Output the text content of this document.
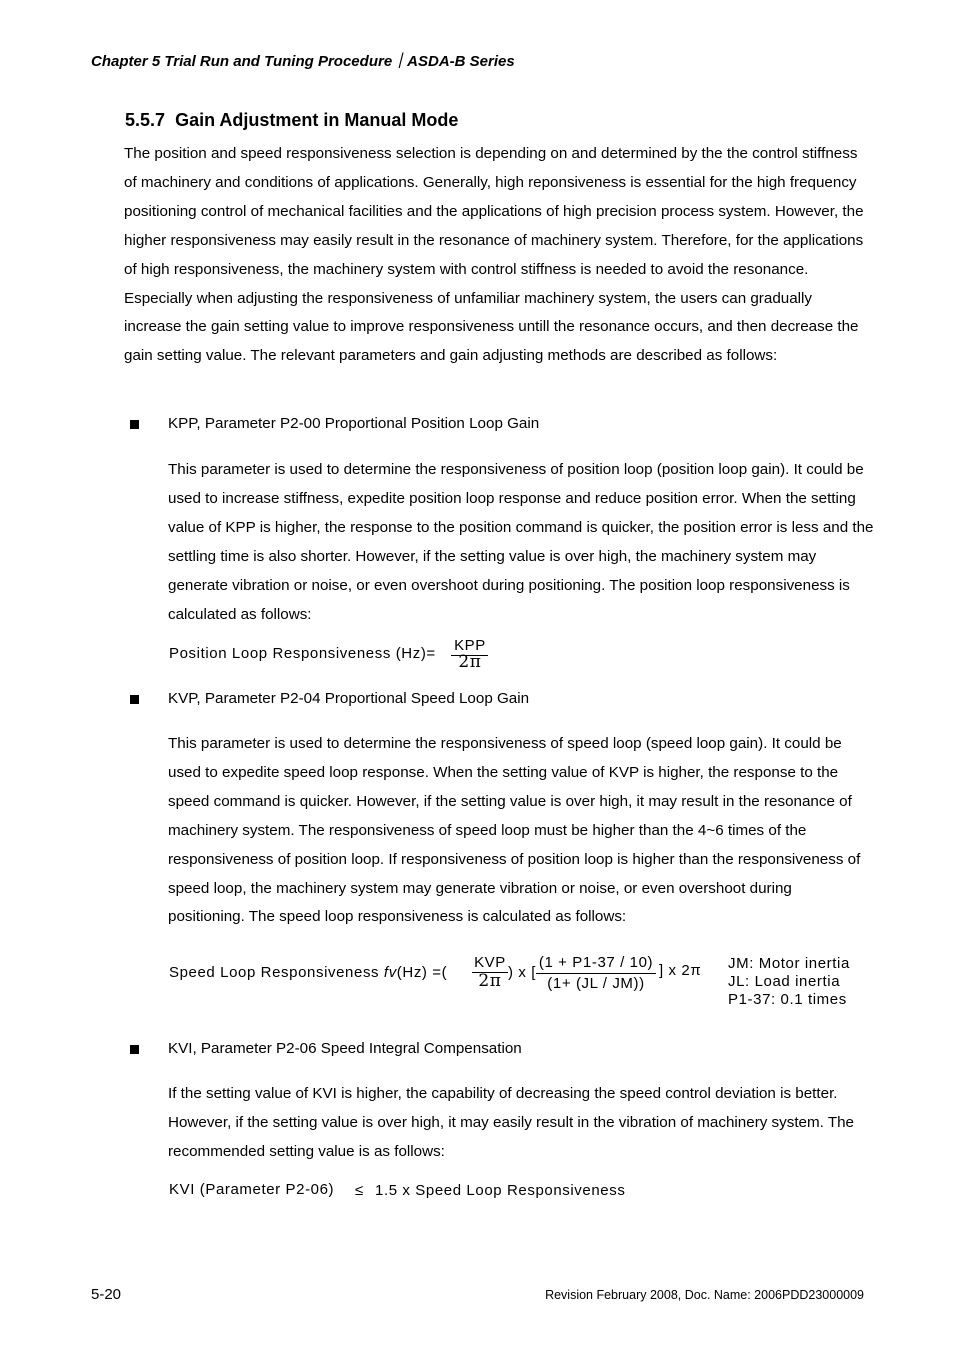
Chapter 5 Trial Run and Tuning Procedure｜ASDA-B Series
5.5.7 Gain Adjustment in Manual Mode

The position and speed responsiveness selection is depending on and determined by the the control stiffness of machinery and conditions of applications. Generally, high reponsiveness is essential for the high frequency positioning control of mechanical facilities and the applications of high precision process system. However, the higher responsiveness may easily result in the resonance of machinery system. Therefore, for the applications of high responsiveness, the machinery system with control stiffness is needed to avoid the resonance. Especially when adjusting the responsiveness of unfamiliar machinery system, the users can gradually increase the gain setting value to improve responsiveness untill the resonance occurs, and then decrease the gain setting value. The relevant parameters and gain adjusting methods are described as follows:

KPP, Parameter P2-00 Proportional Position Loop Gain

This parameter is used to determine the responsiveness of position loop (position loop gain). It could be used to increase stiffness, expedite position loop response and reduce position error. When the setting value of KPP is higher, the response to the position command is quicker, the position error is less and the settling time is also shorter. However, if the setting value is over high, the machinery system may generate vibration or noise, or even overshoot during positioning. The position loop responsiveness is calculated as follows:

Position Loop Responsiveness (Hz)= KPP
2π
KVP, Parameter P2-04 Proportional Speed Loop Gain

This parameter is used to determine the responsiveness of speed loop (speed loop gain). It could be used to expedite speed loop response. When the setting value of KVP is higher, the response to the speed command is quicker. However, if the setting value is over high, it may result in the resonance of machinery system. The responsiveness of speed loop must be higher than the 4~6 times of the responsiveness of position loop. If responsiveness of position loop is higher than the responsiveness of speed loop, the machinery system may generate vibration or noise, or even overshoot during positioning. The speed loop responsiveness is calculated as follows:

Speed Loop Responsiveness fv(Hz) =(
KVP
2π ) x [
(1 + P1-37 / 10)
(1+ (JL / JM))
] x 2π JM: Motor inertia
JL: Load inertia
P1-37: 0.1 times
KVI, Parameter P2-06 Speed Integral Compensation

If the setting value of KVI is higher, the capability of decreasing the speed control deviation is better. However, if the setting value is over high, it may easily result in the vibration of machinery system. The recommended setting value is as follows:

KVI (Parameter P2-06) ≤ 1.5 x Speed Loop Responsiveness
5-20	Revision February 2008, Doc. Name: 2006PDD23000009
